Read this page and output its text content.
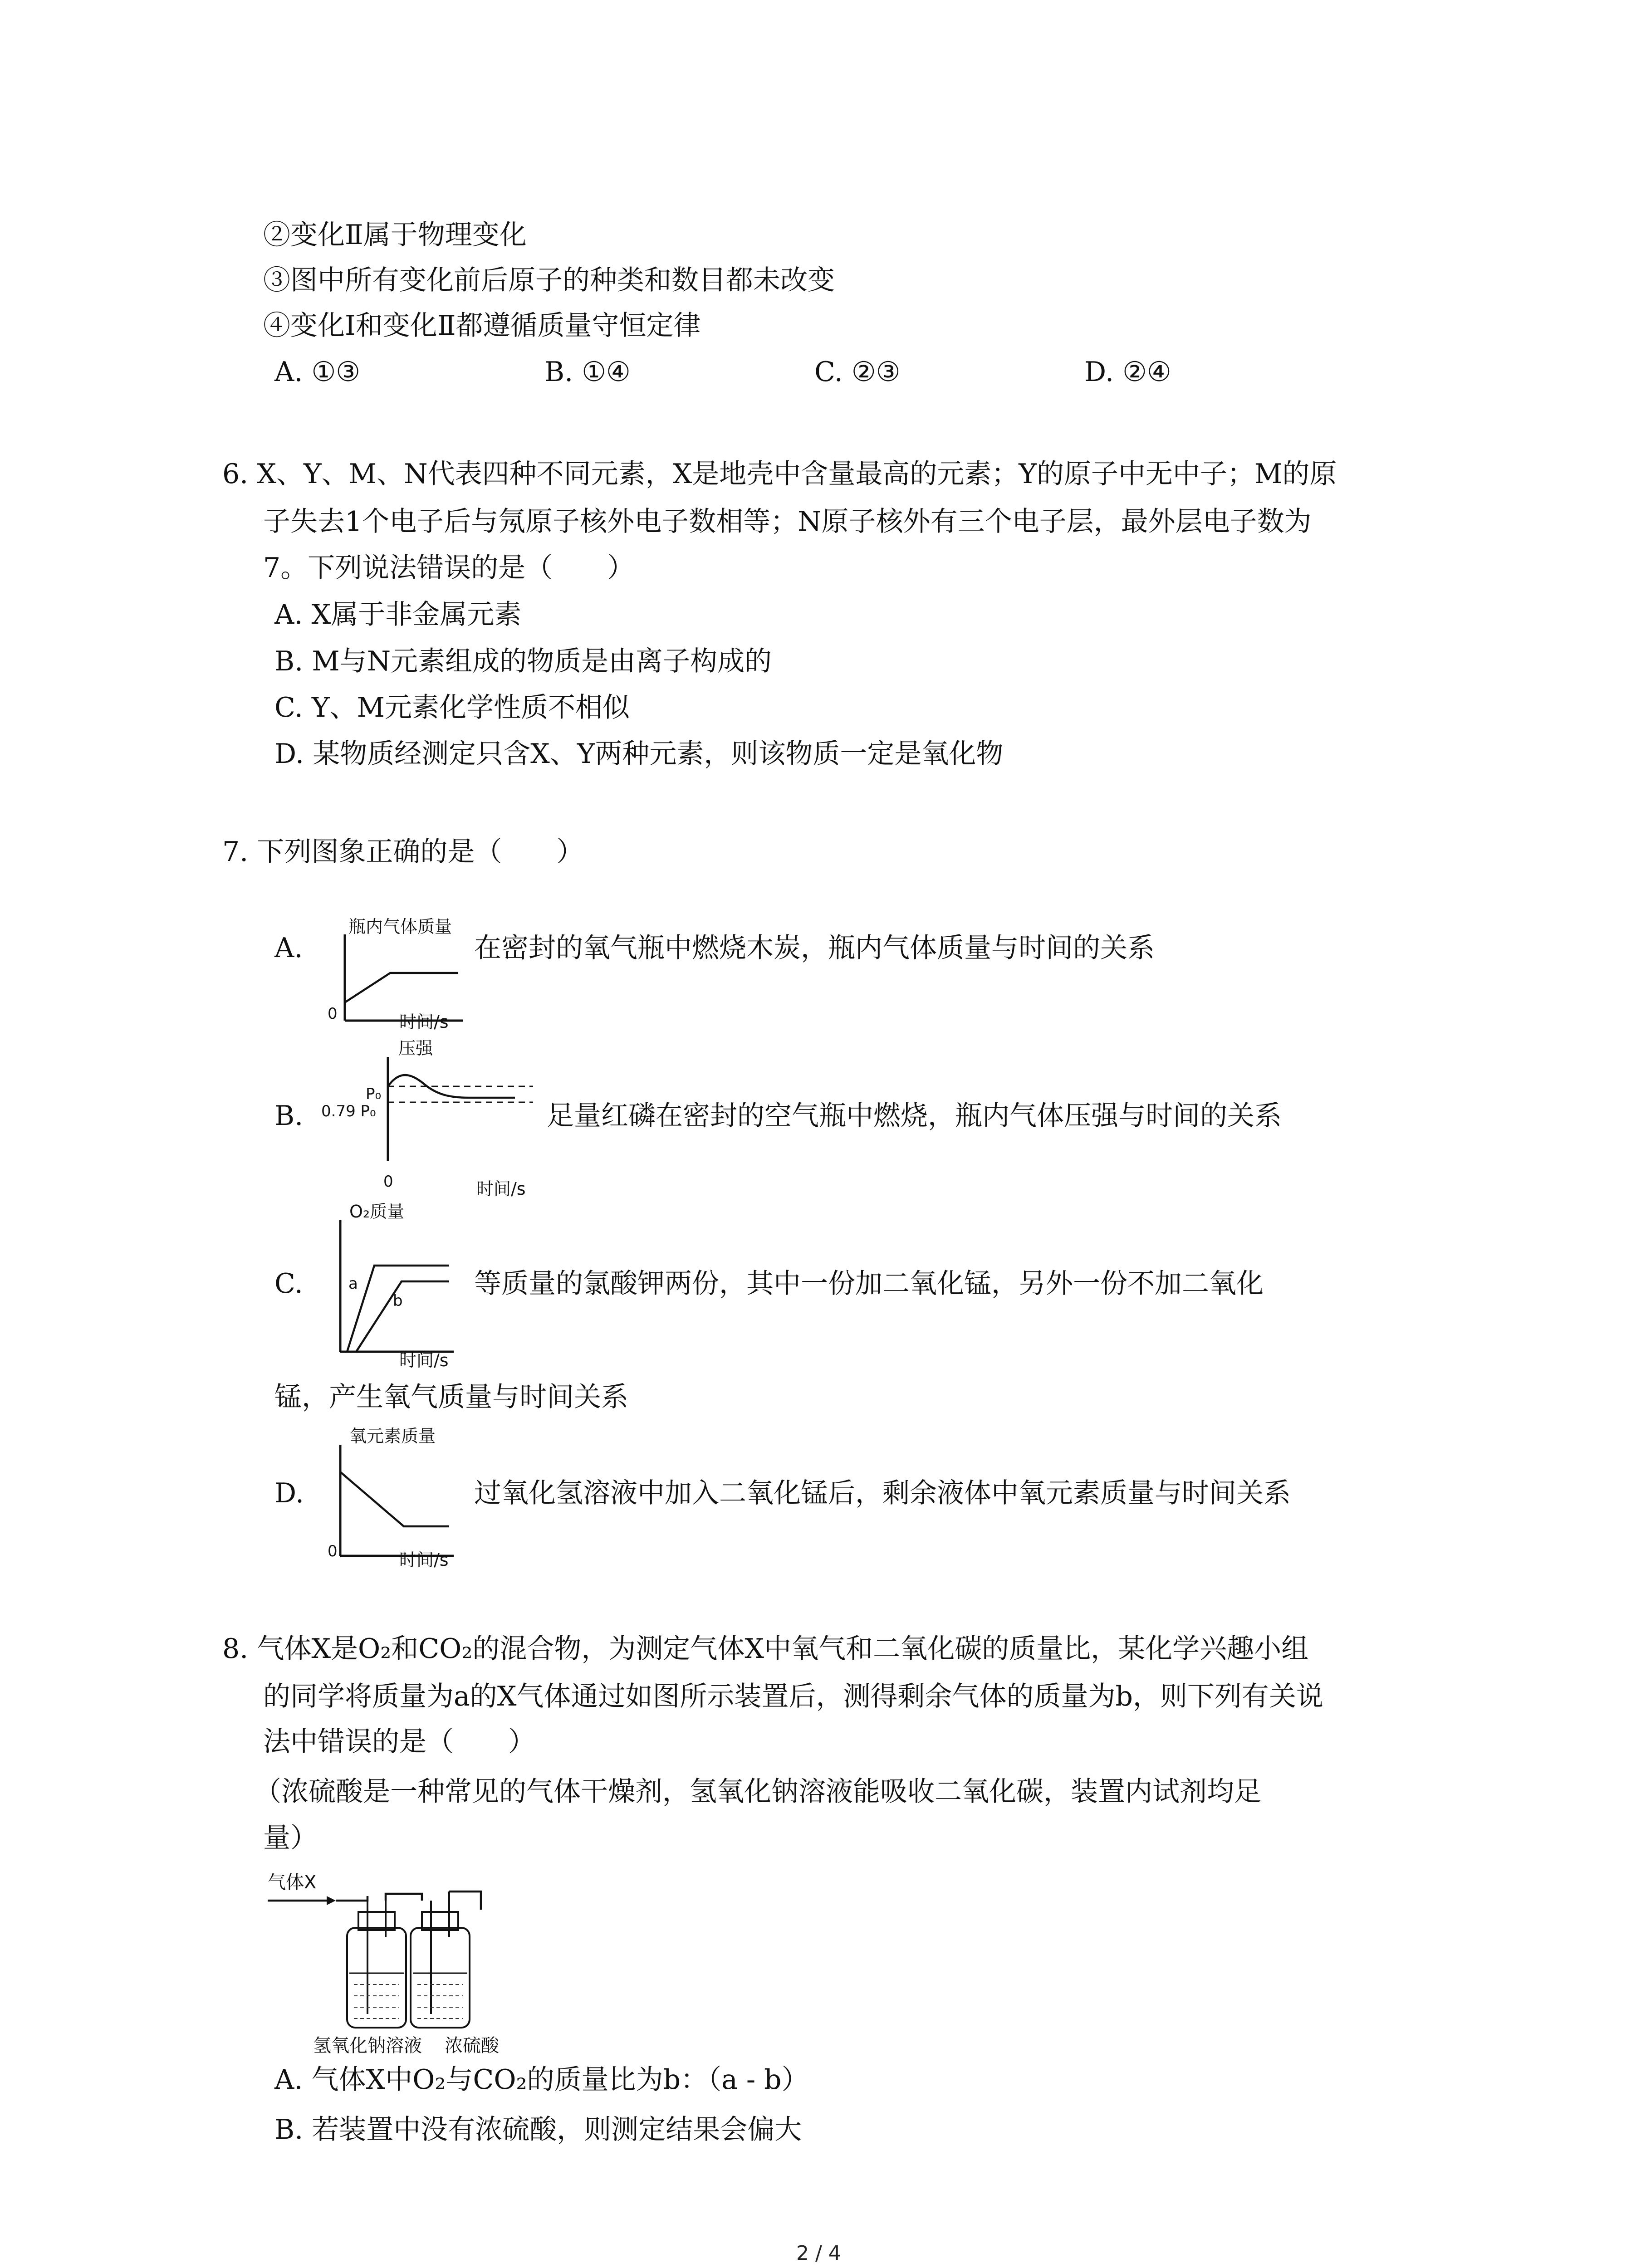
②变化Ⅱ属于物理变化
③图中所有变化前后原子的种类和数目都未改变
④变化Ⅰ和变化Ⅱ都遵循质量守恒定律
A. ①③	B. ①④	C. ②③	D. ②④
6. X、Y、M、N代表四种不同元素，X是地壳中含量最高的元素；Y的原子中无中子；M的原
子失去1个电子后与氖原子核外电子数相等；N原子核外有三个电子层，最外层电子数为
7。下列说法错误的是（　　）
A. X属于非金属元素
B. M与N元素组成的物质是由离子构成的
C. Y、M元素化学性质不相似
D. 某物质经测定只含X、Y两种元素，则该物质一定是氧化物
7. 下列图象正确的是（　　）
A.
瓶内气体质量
0	时间/s
在密封的氧气瓶中燃烧木炭，瓶内气体质量与时间的关系
B.
压强
P₀
0.79 P₀
0	时间/s
足量红磷在密封的空气瓶中燃烧，瓶内气体压强与时间的关系
C.
O₂质量
a
b
时间/s
等质量的氯酸钾两份，其中一份加二氧化锰，另外一份不加二氧化
锰，产生氧气质量与时间关系
D.
氧元素质量
0	时间/s
过氧化氢溶液中加入二氧化锰后，剩余液体中氧元素质量与时间关系
8. 气体X是O₂和CO₂的混合物，为测定气体X中氧气和二氧化碳的质量比，某化学兴趣小组
的同学将质量为a的X气体通过如图所示装置后，测得剩余气体的质量为b，则下列有关说
法中错误的是（　　）
（浓硫酸是一种常见的气体干燥剂，氢氧化钠溶液能吸收二氧化碳，装置内试剂均足
量）
气体X
氢氧化钠溶液 浓硫酸
A. 气体X中O₂与CO₂的质量比为b：（a - b）
B. 若装置中没有浓硫酸，则测定结果会偏大
2 / 4
